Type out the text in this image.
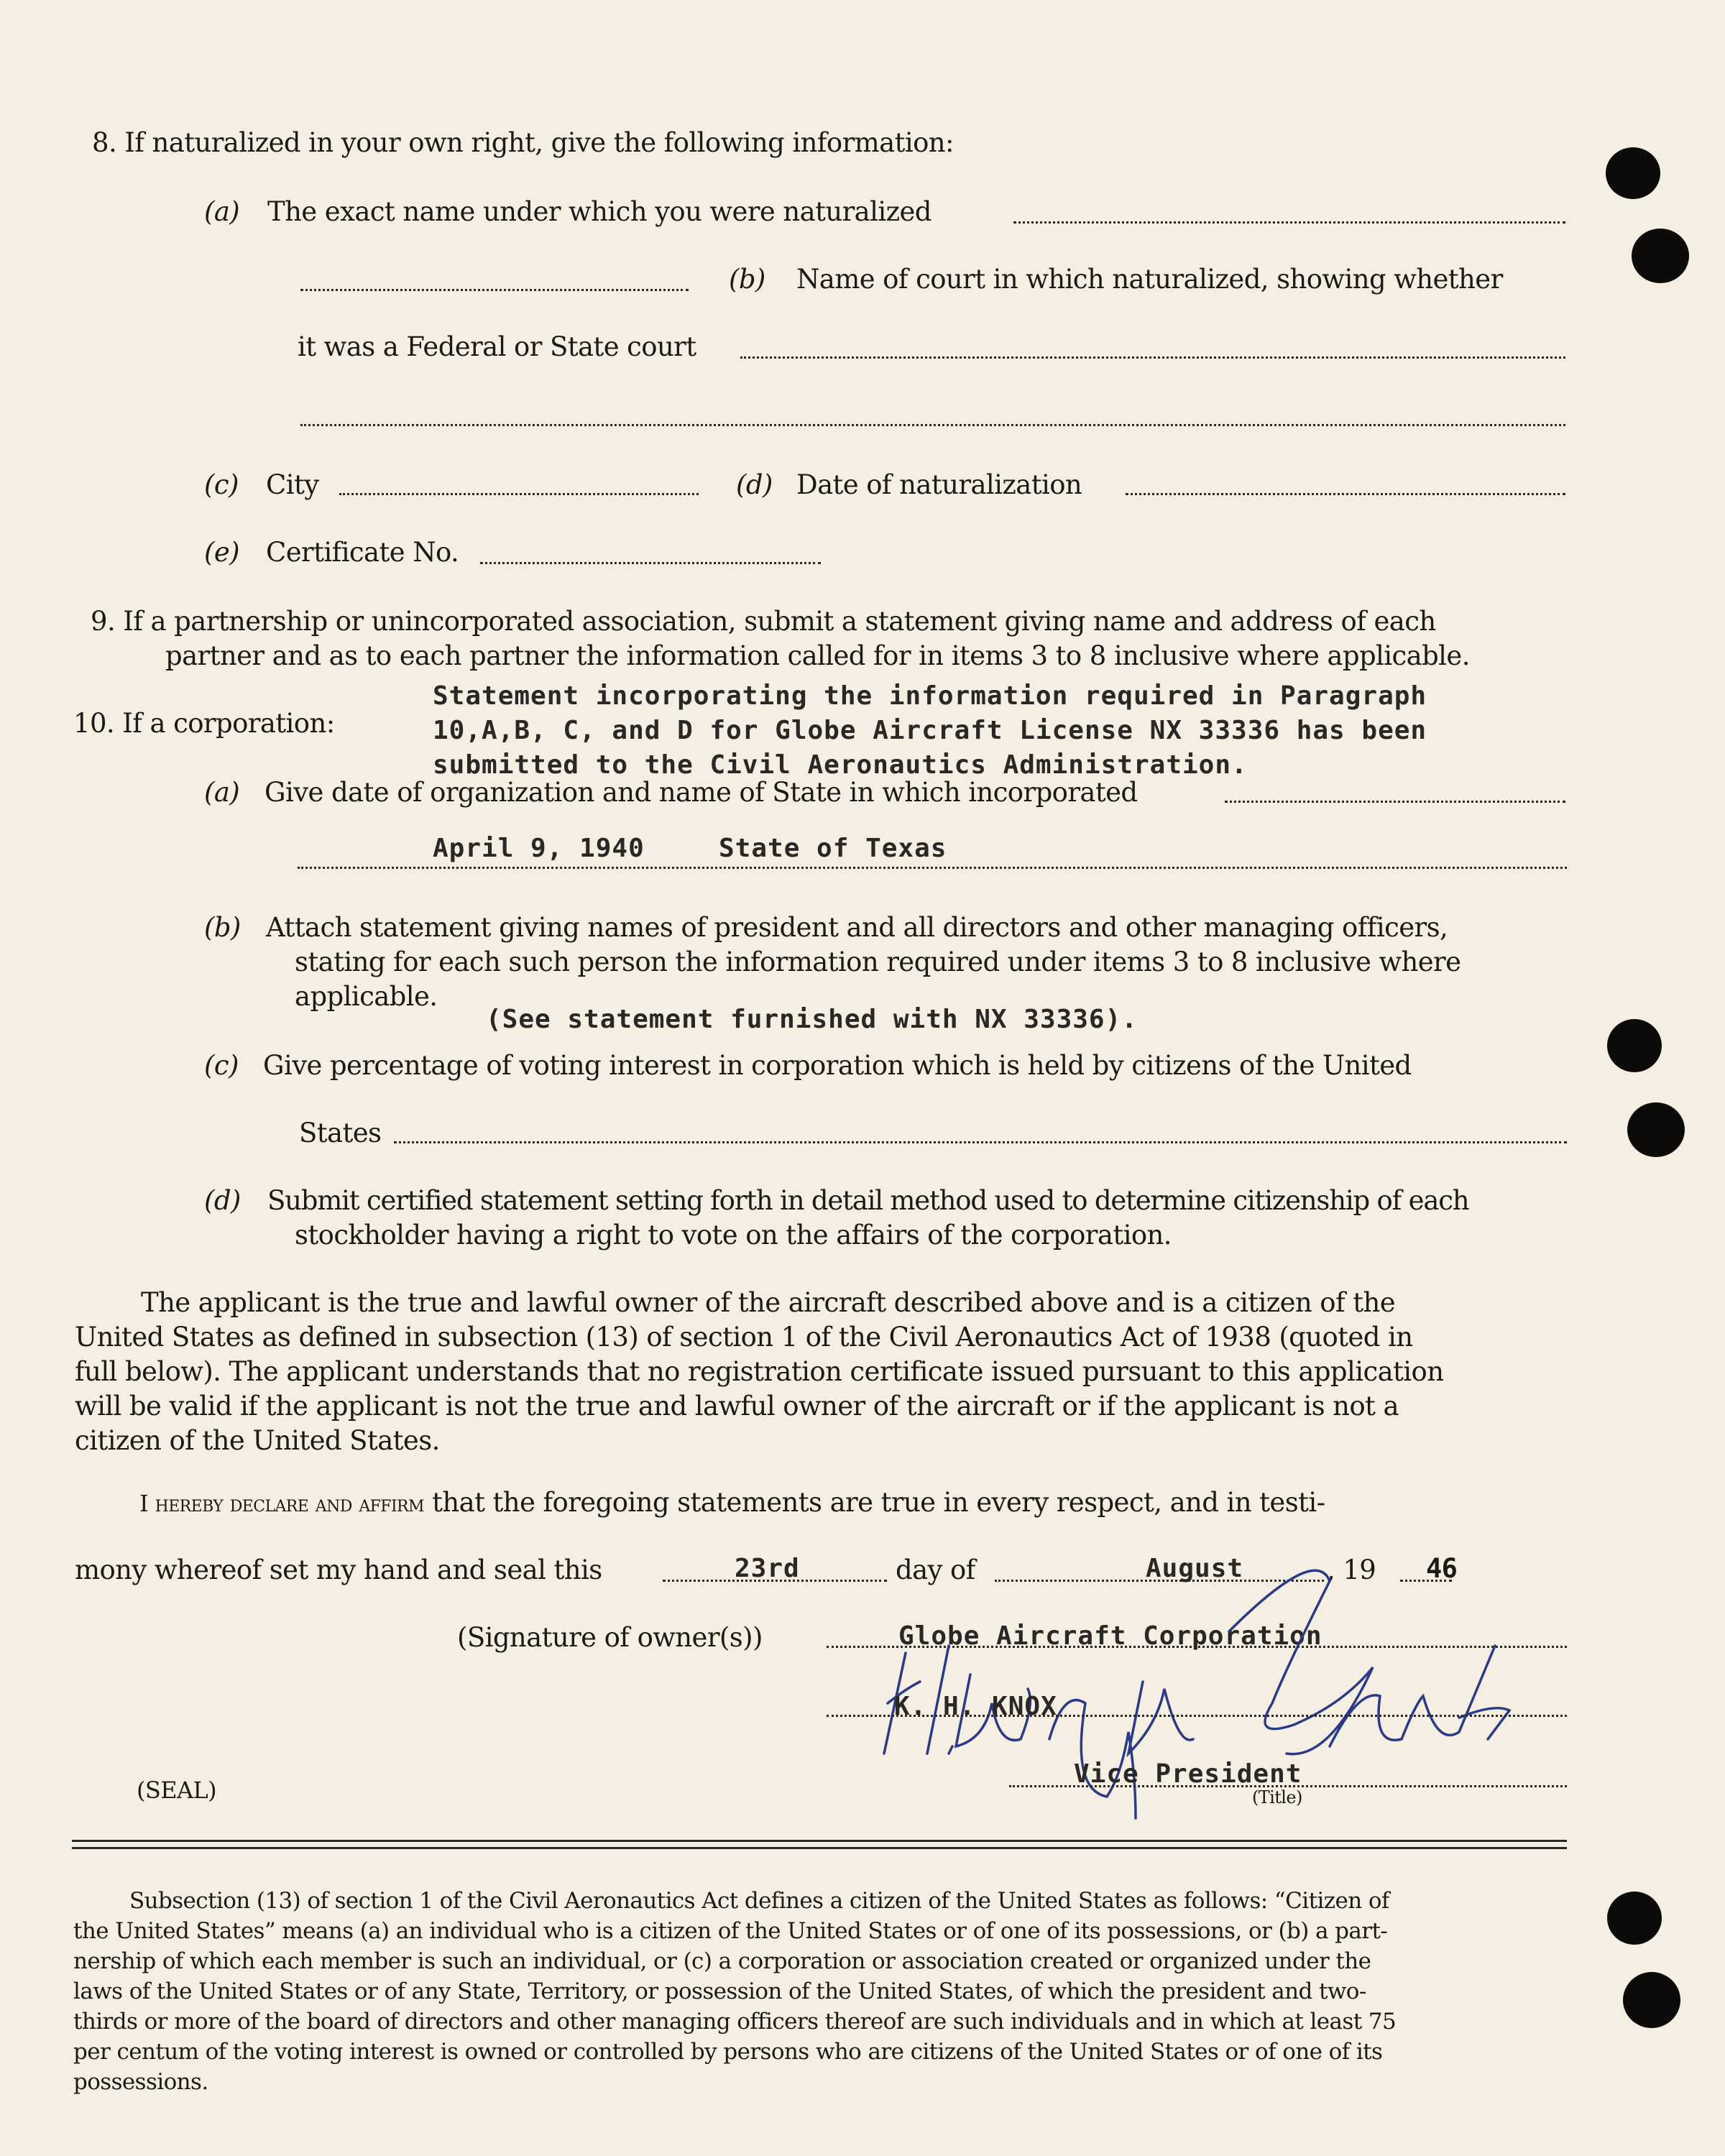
8. If naturalized in your own right, give the following information:
(a) The exact name under which you were naturalized
(b) Name of court in which naturalized, showing whether
it was a Federal or State court
(c) City	(d) Date of naturalization
(e) Certificate No.
9. If a partnership or unincorporated association, submit a statement giving name and address of each
partner and as to each partner the information called for in items 3 to 8 inclusive where applicable.
Statement incorporating the information required in Paragraph
10. If a corporation:	10,A,B, C, and D for Globe Aircraft License NX 33336 has been
submitted to the Civil Aeronautics Administration.
(a) Give date of organization and name of State in which incorporated
April 9, 1940	State of Texas
(b) Attach statement giving names of president and all directors and other managing officers,
stating for each such person the information required under items 3 to 8 inclusive where
applicable.
(See statement furnished with NX 33336).
(c) Give percentage of voting interest in corporation which is held by citizens of the United
States
(d) Submit certified statement setting forth in detail method used to determine citizenship of each
stockholder having a right to vote on the affairs of the corporation.
The applicant is the true and lawful owner of the aircraft described above and is a citizen of the
United States as defined in subsection (13) of section 1 of the Civil Aeronautics Act of 1938 (quoted in
full below). The applicant understands that no registration certificate issued pursuant to this application
will be valid if the applicant is not the true and lawful owner of the aircraft or if the applicant is not a
citizen of the United States.
I hereby declare and affirm that the foregoing statements are true in every respect, and in testi-
mony whereof set my hand and seal this	23rd	day of	August	, 19 46
(Signature of owner(s))	Globe Aircraft Corporation
K. H. KNOX
(SEAL)
Vice President
(Title)
Subsection (13) of section 1 of the Civil Aeronautics Act defines a citizen of the United States as follows: “Citizen of
the United States” means (a) an individual who is a citizen of the United States or of one of its possessions, or (b) a part-
nership of which each member is such an individual, or (c) a corporation or association created or organized under the
laws of the United States or of any State, Territory, or possession of the United States, of which the president and two-
thirds or more of the board of directors and other managing officers thereof are such individuals and in which at least 75
per centum of the voting interest is owned or controlled by persons who are citizens of the United States or of one of its
possessions.
